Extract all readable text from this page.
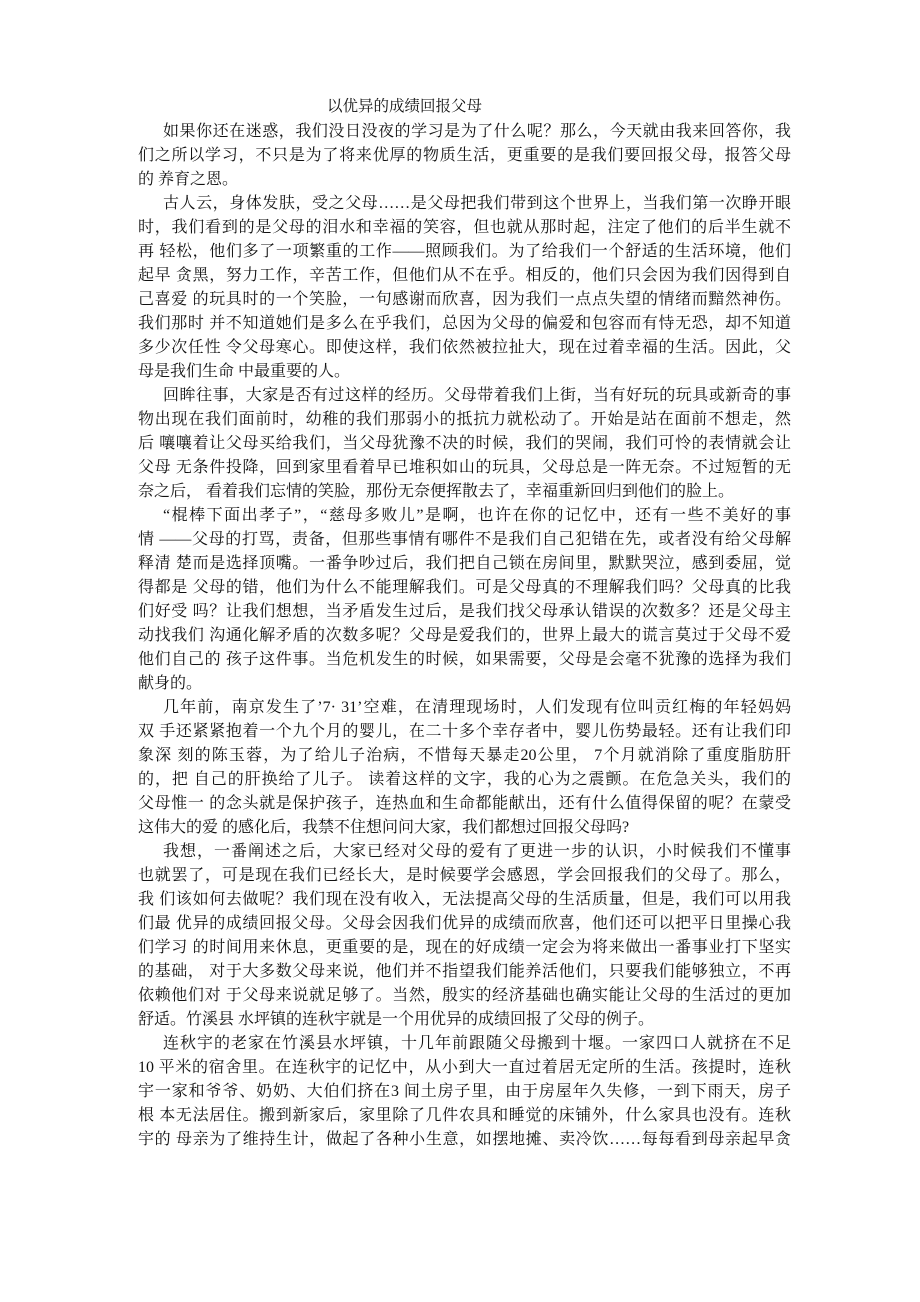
以优异的成绩回报父母
如果你还在迷惑，我们没日没夜的学习是为了什么呢？那么，今天就由我来回答你，我
们之所以学习，不只是为了将来优厚的物质生活，更重要的是我们要回报父母，报答父母
的 养育之恩。
古人云，身体发肤，受之父母……是父母把我们带到这个世界上，当我们第一次睁开眼
时，我们看到的是父母的泪水和幸福的笑容，但也就从那时起，注定了他们的后半生就不
再 轻松，他们多了一项繁重的工作——照顾我们。为了给我们一个舒适的生活环境，他们
起早 贪黑，努力工作，辛苦工作，但他们从不在乎。相反的，他们只会因为我们因得到自
己喜爱 的玩具时的一个笑脸，一句感谢而欣喜，因为我们一点点失望的情绪而黯然神伤。
我们那时 并不知道她们是多么在乎我们，总因为父母的偏爱和包容而有恃无恐，却不知道
多少次任性 令父母寒心。即使这样，我们依然被拉扯大，现在过着幸福的生活。因此，父
母是我们生命 中最重要的人。
回眸往事，大家是否有过这样的经历。父母带着我们上街，当有好玩的玩具或新奇的事
物出现在我们面前时，幼稚的我们那弱小的抵抗力就松动了。开始是站在面前不想走，然
后 嚷嚷着让父母买给我们，当父母犹豫不决的时候，我们的哭闹，我们可怜的表情就会让
父母 无条件投降，回到家里看着早已堆积如山的玩具，父母总是一阵无奈。不过短暂的无
奈之后， 看着我们忘情的笑脸，那份无奈便挥散去了，幸福重新回归到他们的脸上。
“棍棒下面出孝子”，“慈母多败儿”是啊，也许在你的记忆中，还有一些不美好的事
情 ——父母的打骂，责备，但那些事情有哪件不是我们自己犯错在先，或者没有给父母解
释清 楚而是选择顶嘴。一番争吵过后，我们把自己锁在房间里，默默哭泣，感到委屈，觉
得都是 父母的错，他们为什么不能理解我们。可是父母真的不理解我们吗？父母真的比我
们好受 吗？让我们想想，当矛盾发生过后，是我们找父母承认错误的次数多？还是父母主
动找我们 沟通化解矛盾的次数多呢？父母是爱我们的，世界上最大的谎言莫过于父母不爱
他们自己的 孩子这件事。当危机发生的时候，如果需要，父母是会毫不犹豫的选择为我们
献身的。
几年前，南京发生了’7· 31’空难，在清理现场时，人们发现有位叫贡红梅的年轻妈妈
双 手还紧紧抱着一个九个月的婴儿，在二十多个幸存者中，婴儿伤势最轻。还有让我们印
象深 刻的陈玉蓉，为了给儿子治病，不惜每天暴走20公里， 7个月就消除了重度脂肪肝
的，把 自己的肝换给了儿子。 读着这样的文字，我的心为之震颤。在危急关头，我们的
父母惟一 的念头就是保护孩子，连热血和生命都能献出，还有什么值得保留的呢？在蒙受
这伟大的爱 的感化后，我禁不住想问问大家，我们都想过回报父母吗?
我想，一番阐述之后，大家已经对父母的爱有了更进一步的认识，小时候我们不懂事
也就罢了，可是现在我们已经长大，是时候要学会感恩，学会回报我们的父母了。那么，
我 们该如何去做呢？我们现在没有收入，无法提高父母的生活质量，但是，我们可以用我
们最 优异的成绩回报父母。父母会因我们优异的成绩而欣喜，他们还可以把平日里操心我
们学习 的时间用来休息，更重要的是，现在的好成绩一定会为将来做出一番事业打下坚实
的基础， 对于大多数父母来说，他们并不指望我们能养活他们，只要我们能够独立，不再
依赖他们对 于父母来说就足够了。当然，殷实的经济基础也确实能让父母的生活过的更加
舒适。竹溪县 水坪镇的连秋宇就是一个用优异的成绩回报了父母的例子。
连秋宇的老家在竹溪县水坪镇，十几年前跟随父母搬到十堰。一家四口人就挤在不足
10 平米的宿舍里。在连秋宇的记忆中，从小到大一直过着居无定所的生活。孩提时，连秋
宇一家和爷爷、奶奶、大伯们挤在3 间土房子里，由于房屋年久失修，一到下雨天，房子
根 本无法居住。搬到新家后，家里除了几件农具和睡觉的床铺外，什么家具也没有。连秋
宇的 母亲为了维持生计，做起了各种小生意，如摆地摊、卖冷饮……每每看到母亲起早贪
